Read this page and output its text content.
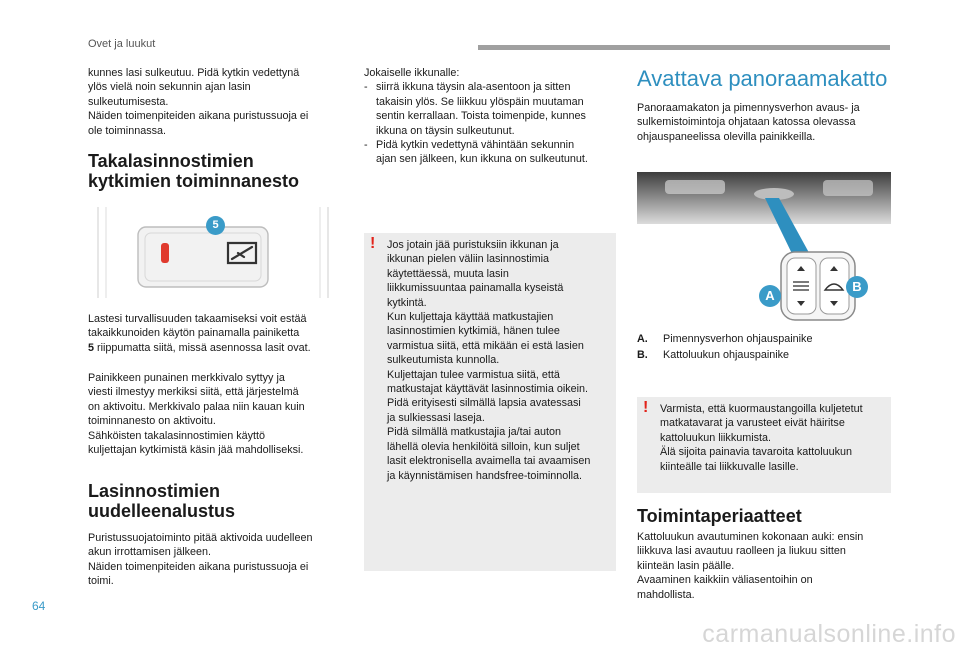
Ovet ja luukut

kunnes lasi sulkeutuu. Pidä kytkin vedettynä

ylös vielä noin sekunnin ajan lasin

sulkeutumisesta.

Näiden toimenpiteiden aikana puristussuoja ei

ole toiminnassa.

Takalasinnostimien
kytkimien toiminnanesto
5

Lastesi turvallisuuden takaamiseksi voit estää

takaikkunoiden käytön painamalla painiketta

5 riippumatta siitä, missä asennossa lasit ovat.

Painikkeen punainen merkkivalo syttyy ja

viesti ilmestyy merkiksi siitä, että järjestelmä

on aktivoitu. Merkkivalo palaa niin kauan kuin

toiminnanesto on aktivoitu.

Sähköisten takalasinnostimien käyttö

kuljettajan kytkimistä käsin jää mahdolliseksi.

Lasinnostimien
uudelleenalustus

Puristussuojatoiminto pitää aktivoida uudelleen

akun irrottamisen jälkeen.

Näiden toimenpiteiden aikana puristussuoja ei

toimi.

Jokaiselle ikkunalle:

- siirrä ikkuna täysin ala-asentoon ja sitten
takaisin ylös. Se liikkuu ylöspäin muutaman
sentin kerrallaan. Toista toimenpide, kunnes
ikkuna on täysin sulkeutunut.
- Pidä kytkin vedettynä vähintään sekunnin
ajan sen jälkeen, kun ikkuna on sulkeutunut.
! Jos jotain jää puristuksiin ikkunan ja

ikkunan pielen väliin lasinnostimia

käytettäessä, muuta lasin

liikkumissuuntaa painamalla kyseistä

kytkintä.

Kun kuljettaja käyttää matkustajien

lasinnostimien kytkimiä, hänen tulee

varmistua siitä, että mikään ei estä lasien

sulkeutumista kunnolla.

Kuljettajan tulee varmistua siitä, että

matkustajat käyttävät lasinnostimia oikein.

Pidä erityisesti silmällä lapsia avatessasi

ja sulkiessasi laseja.

Pidä silmällä matkustajia ja/tai auton

lähellä olevia henkilöitä silloin, kun suljet

lasit elektronisella avaimella tai avaamisen

ja käynnistämisen handsfree-toiminnolla.

Avattava panoraamakatto

Panoraamakaton ja pimennysverhon avaus- ja

sulkemistoimintoja ohjataan katossa olevassa

ohjauspaneelissa olevilla painikkeilla.

A
B
A. Pimennysverhon ohjauspainike
B. Kattoluukun ohjauspainike
! Varmista, että kuormaustangoilla kuljetetut

matkatavarat ja varusteet eivät häiritse

kattoluukun liikkumista.

Älä sijoita painavia tavaroita kattoluukun

kiinteälle tai liikkuvalle lasille.

Toimintaperiaatteet

Kattoluukun avautuminen kokonaan auki: ensin

liikkuva lasi avautuu raolleen ja liukuu sitten

kiinteän lasin päälle.

Avaaminen kaikkiin väliasentoihin on

mahdollista.

64
carmanualsonline.info
